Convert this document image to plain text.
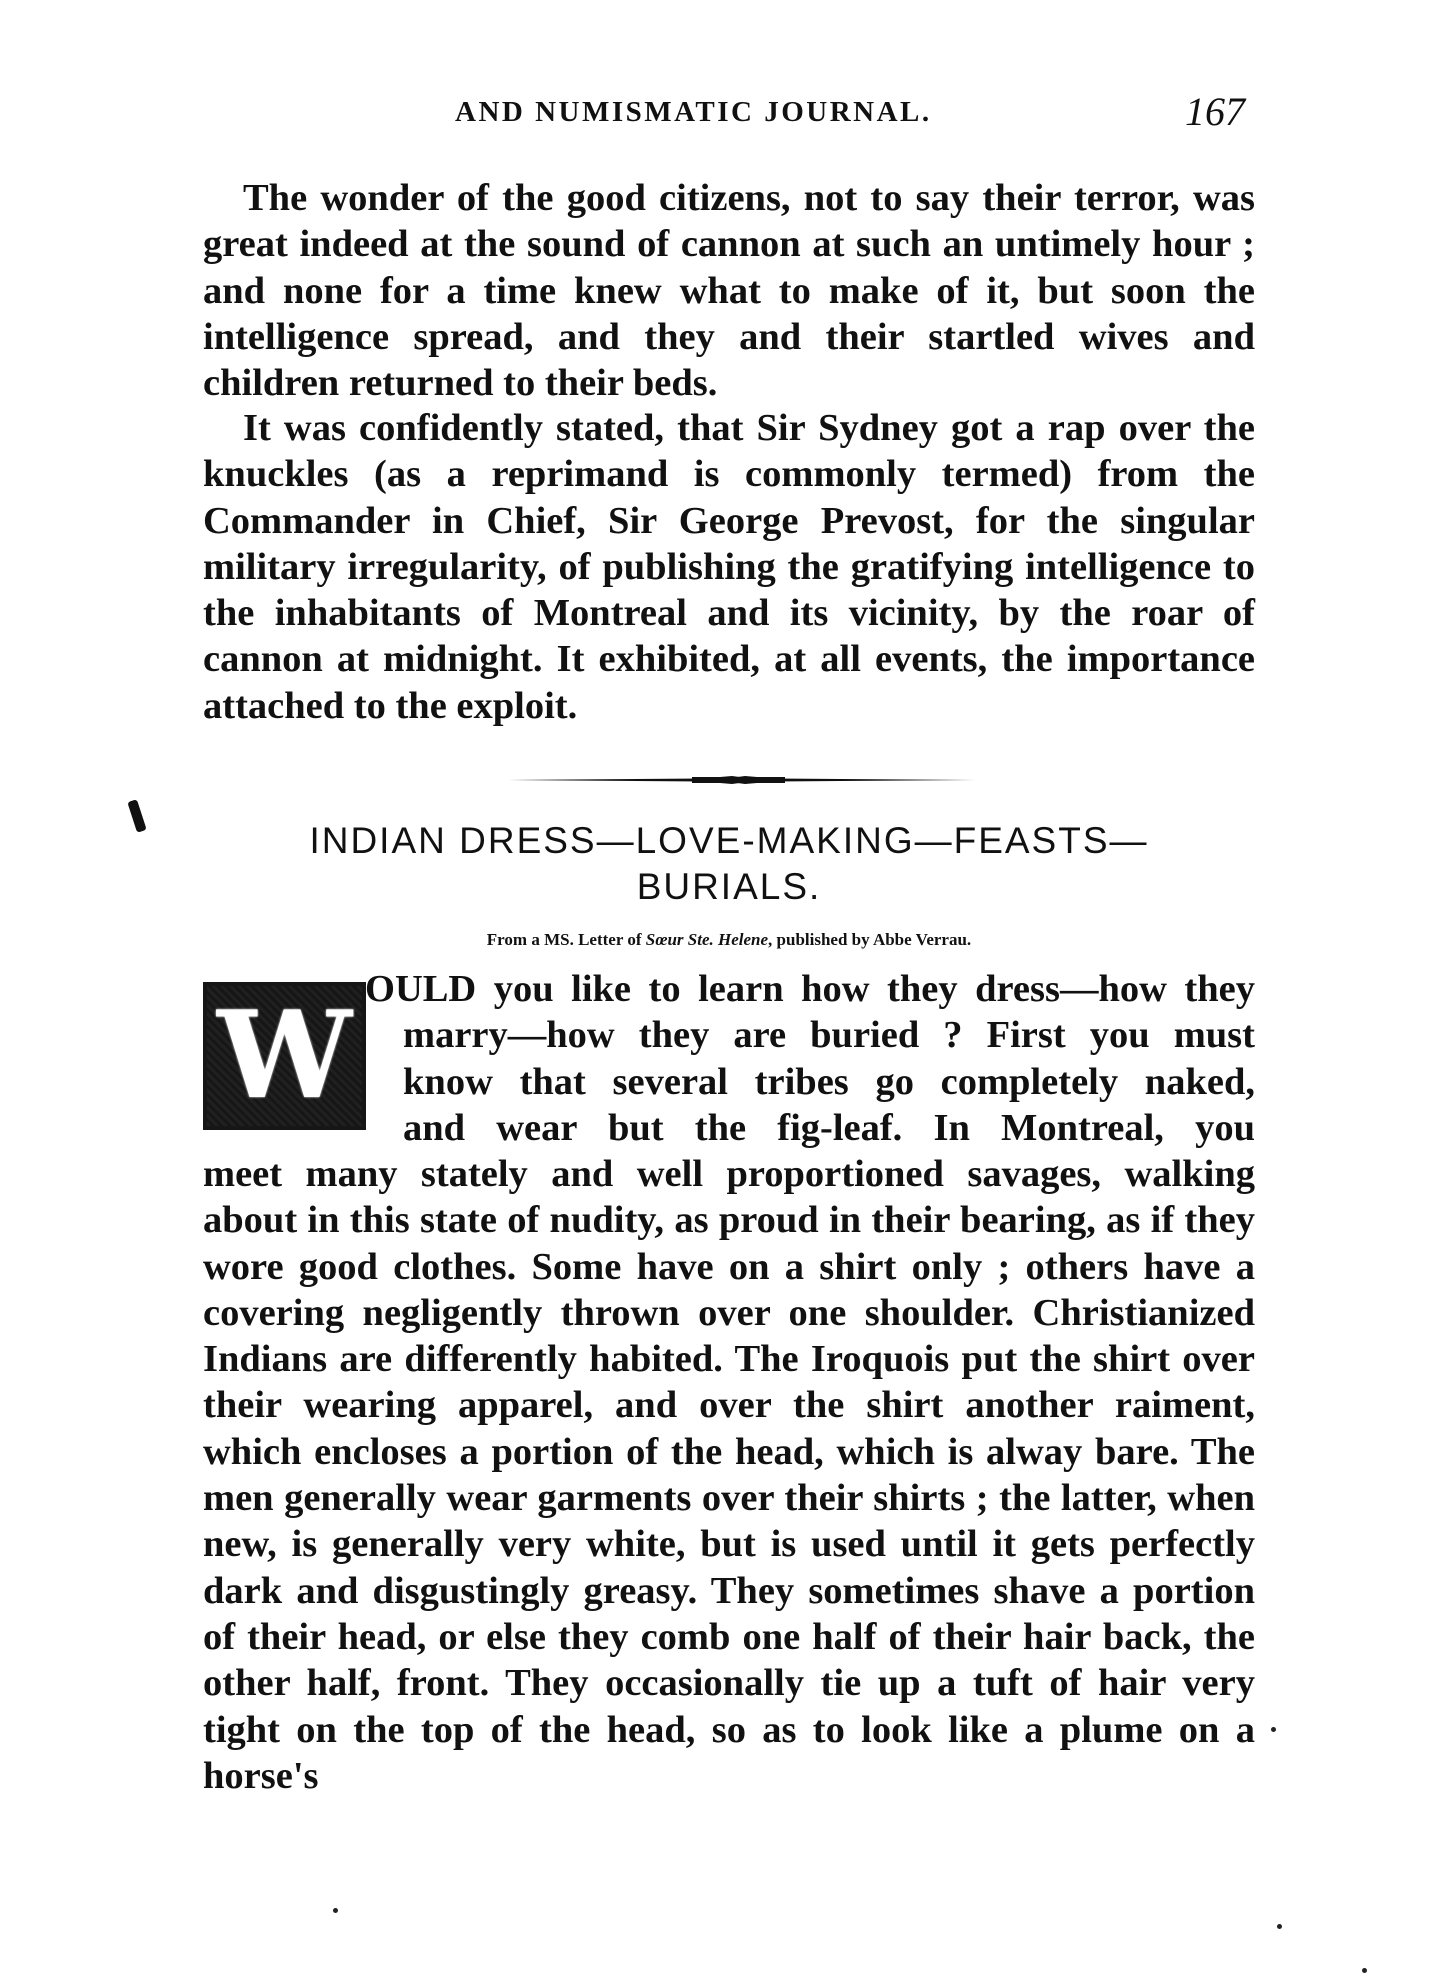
AND NUMISMATIC JOURNAL.	167

The wonder of the good citizens, not to say their terror, was great indeed at the sound of cannon at such an untimely hour ; and none for a time knew what to make of it, but soon the intelligence spread, and they and their startled wives and children returned to their beds.

It was confidently stated, that Sir Sydney got a rap over the knuckles (as a reprimand is commonly termed) from the Commander in Chief, Sir George Prevost, for the singular military irregularity, of publishing the gratifying intelligence to the inhabitants of Montreal and its vicinity, by the roar of cannon at midnight. It exhibited, at all events, the importance attached to the exploit.

INDIAN DRESS—LOVE-MAKING—FEASTS—
BURIALS.
From a MS. Letter of Sœur Ste. Helene, published by Abbe Verrau.
W OULD you like to learn how they dress—how they
marry—how they are buried ? First you must
know that several tribes go completely naked,
and wear but the fig-leaf. In Montreal, you

meet many stately and well proportioned savages, walking about in this state of nudity, as proud in their bearing, as if they wore good clothes. Some have on a shirt only ; others have a covering negligently thrown over one shoulder. Christianized Indians are differently habited. The Iroquois put the shirt over their wearing apparel, and over the shirt another raiment, which encloses a portion of the head, which is alway bare. The men generally wear garments over their shirts ; the latter, when new, is generally very white, but is used until it gets perfectly dark and disgustingly greasy. They sometimes shave a portion of their head, or else they comb one half of their hair back, the other half, front. They occasionally tie up a tuft of hair very tight on the top of the head, so as to look like a plume on a horse's
